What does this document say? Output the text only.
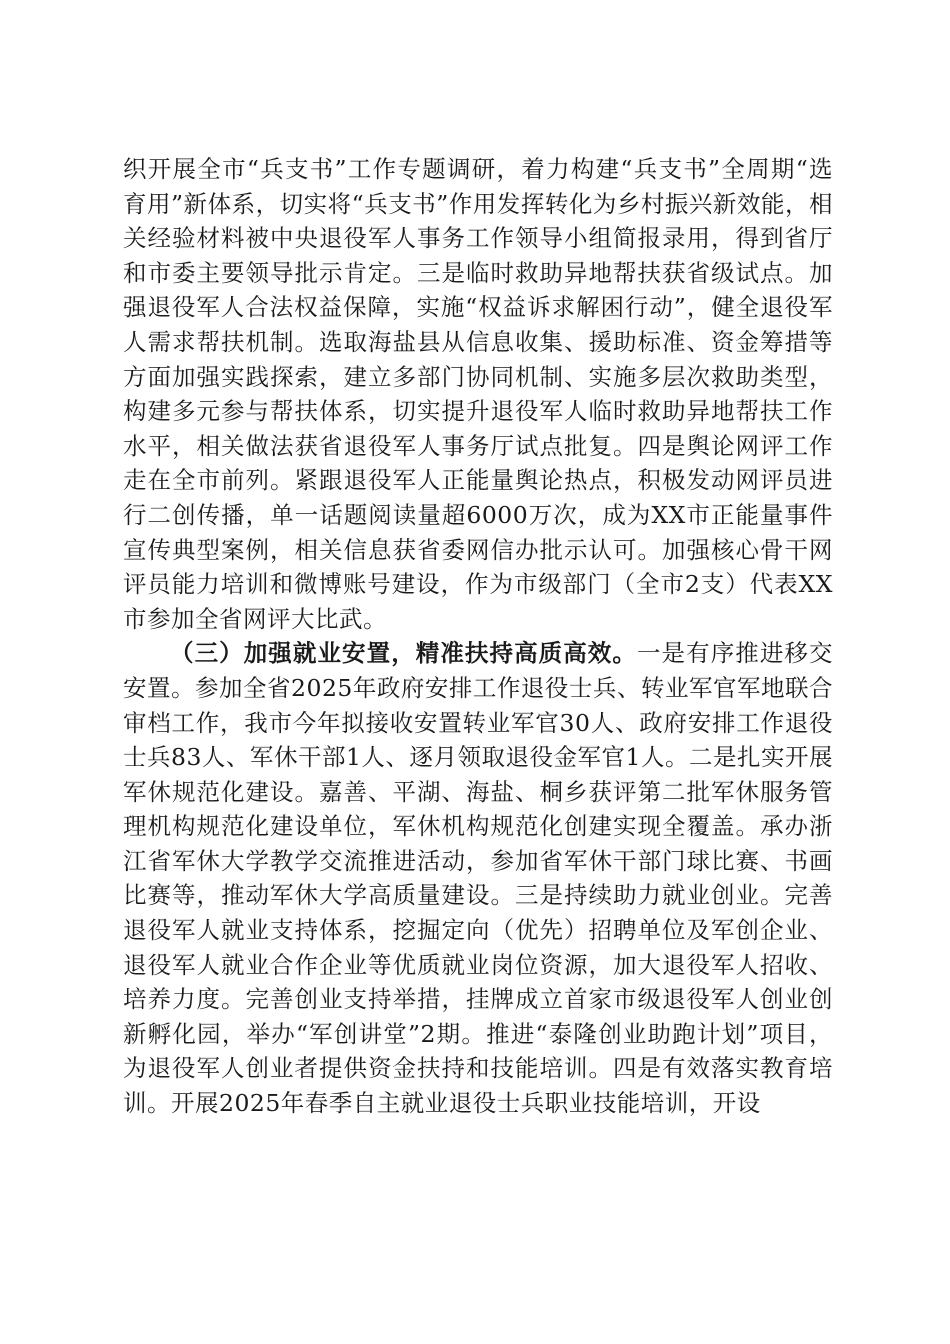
织开展全市“兵支书”工作专题调研，着力构建“兵支书”全周期“选育用”新体系，切实将“兵支书”作用发挥转化为乡村振兴新效能，相关经验材料被中央退役军人事务工作领导小组简报录用，得到省厅和市委主要领导批示肯定。三是临时救助异地帮扶获省级试点。加强退役军人合法权益保障，实施“权益诉求解困行动”，健全退役军人需求帮扶机制。选取海盐县从信息收集、援助标准、资金筹措等方面加强实践探索，建立多部门协同机制、实施多层次救助类型，构建多元参与帮扶体系，切实提升退役军人临时救助异地帮扶工作水平，相关做法获省退役军人事务厅试点批复。四是舆论网评工作走在全市前列。紧跟退役军人正能量舆论热点，积极发动网评员进行二创传播，单一话题阅读量超6000万次，成为XX市正能量事件宣传典型案例，相关信息获省委网信办批示认可。加强核心骨干网评员能力培训和微博账号建设，作为市级部门（全市2支）代表XX市参加全省网评大比武。

（三）加强就业安置，精准扶持高质高效。一是有序推进移交安置。参加全省2025年政府安排工作退役士兵、转业军官军地联合审档工作，我市今年拟接收安置转业军官30人、政府安排工作退役士兵83人、军休干部1人、逐月领取退役金军官1人。二是扎实开展军休规范化建设。嘉善、平湖、海盐、桐乡获评第二批军休服务管理机构规范化建设单位，军休机构规范化创建实现全覆盖。承办浙江省军休大学教学交流推进活动，参加省军休干部门球比赛、书画比赛等，推动军休大学高质量建设。三是持续助力就业创业。完善退役军人就业支持体系，挖掘定向（优先）招聘单位及军创企业、退役军人就业合作企业等优质就业岗位资源，加大退役军人招收、培养力度。完善创业支持举措，挂牌成立首家市级退役军人创业创新孵化园，举办“军创讲堂”2期。推进“泰隆创业助跑计划”项目，为退役军人创业者提供资金扶持和技能培训。四是有效落实教育培训。开展2025年春季自主就业退役士兵职业技能培训，开设
